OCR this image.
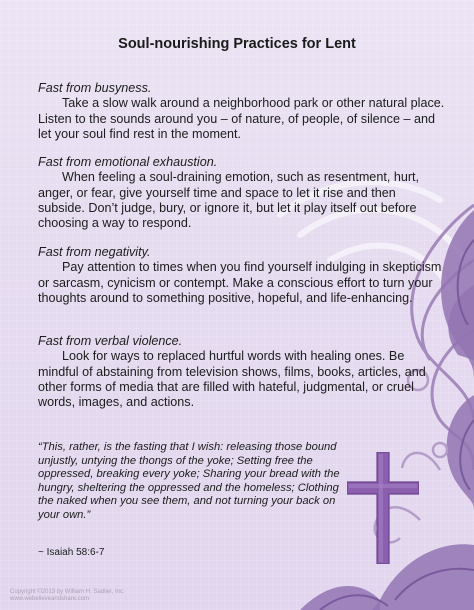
Soul-nourishing Practices for Lent
Fast from busyness.
Take a slow walk around a neighborhood park or other natural place. Listen to the sounds around you – of nature, of people, of silence – and let your soul find rest in the moment.
Fast from emotional exhaustion.
When feeling a soul-draining emotion, such as resentment, hurt, anger, or fear, give yourself time and space to let it rise and then subside. Don’t judge, bury, or ignore it, but let it play itself out before choosing a way to respond.
Fast from negativity.
Pay attention to times when you find yourself indulging in skepticism or sarcasm, cynicism or contempt. Make a conscious effort to turn your thoughts around to something positive, hopeful, and life-enhancing.
Fast from verbal violence.
Look for ways to replaced hurtful words with healing ones. Be mindful of abstaining from television shows, films, books, articles, and other forms of media that are filled with hateful, judgmental, or cruel words, images, and actions.
“This, rather, is the fasting that I wish: releasing those bound unjustly, untying the thongs of the yoke; Setting free the oppressed, breaking every yoke; Sharing your bread with the hungry, sheltering the oppressed and the homeless; Clothing the naked when you see them, and not turning your back on your own.”
~ Isaiah 58:6-7
Copyright ©2013 by William H. Sadlier, Inc.
www.webelieveandshare.com
